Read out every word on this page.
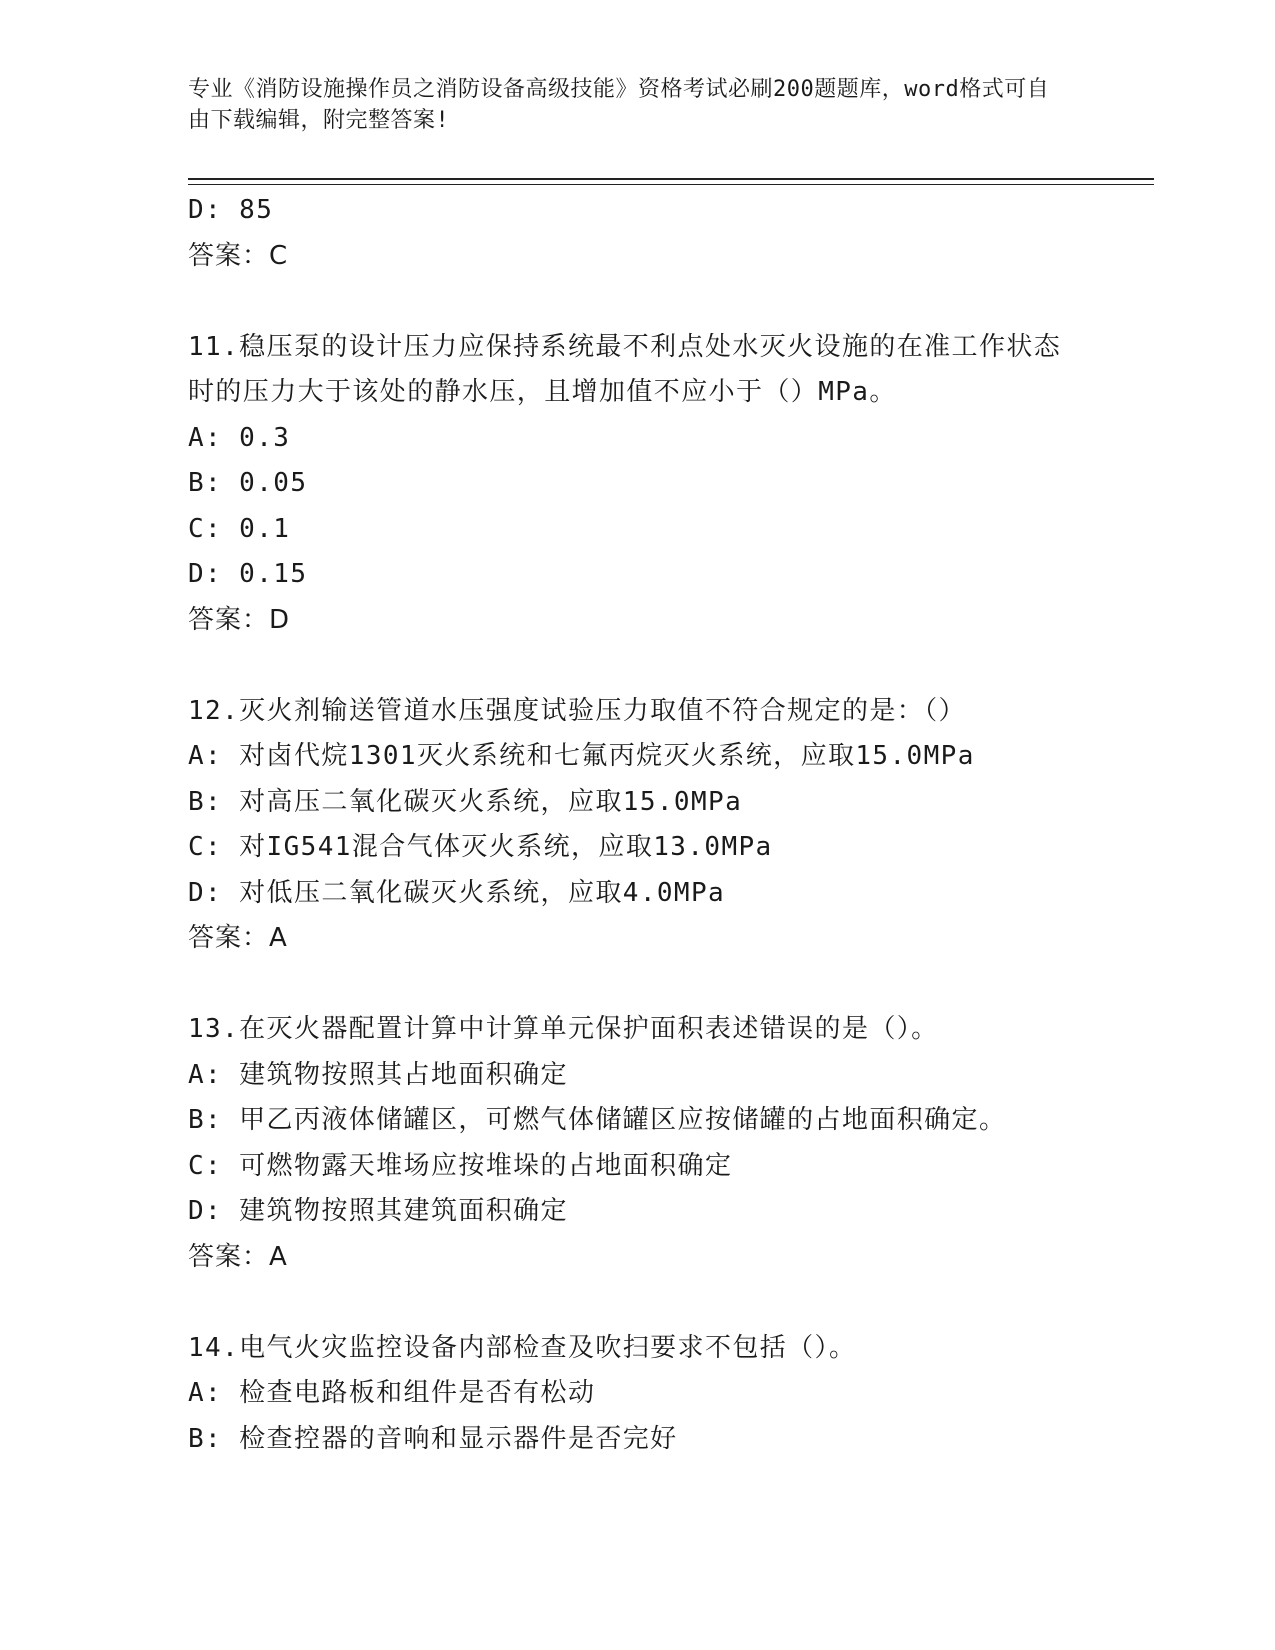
专业《消防设施操作员之消防设备高级技能》资格考试必刷200题题库，word格式可自由下载编辑，附完整答案!
D: 85
答案：C
11.稳压泵的设计压力应保持系统最不利点处水灭火设施的在准工作状态时的压力大于该处的静水压，且增加值不应小于（）MPa。
A: 0.3
B: 0.05
C: 0.1
D: 0.15
答案：D
12.灭火剂输送管道水压强度试验压力取值不符合规定的是：（）
A: 对卤代烷1301灭火系统和七氟丙烷灭火系统，应取15.0MPa
B: 对高压二氧化碳灭火系统，应取15.0MPa
C: 对IG541混合气体灭火系统，应取13.0MPa
D: 对低压二氧化碳灭火系统，应取4.0MPa
答案：A
13.在灭火器配置计算中计算单元保护面积表述错误的是（）。
A: 建筑物按照其占地面积确定
B: 甲乙丙液体储罐区，可燃气体储罐区应按储罐的占地面积确定。
C: 可燃物露天堆场应按堆垛的占地面积确定
D: 建筑物按照其建筑面积确定
答案：A
14.电气火灾监控设备内部检查及吹扫要求不包括（）。
A: 检查电路板和组件是否有松动
B: 检查控器的音响和显示器件是否完好
